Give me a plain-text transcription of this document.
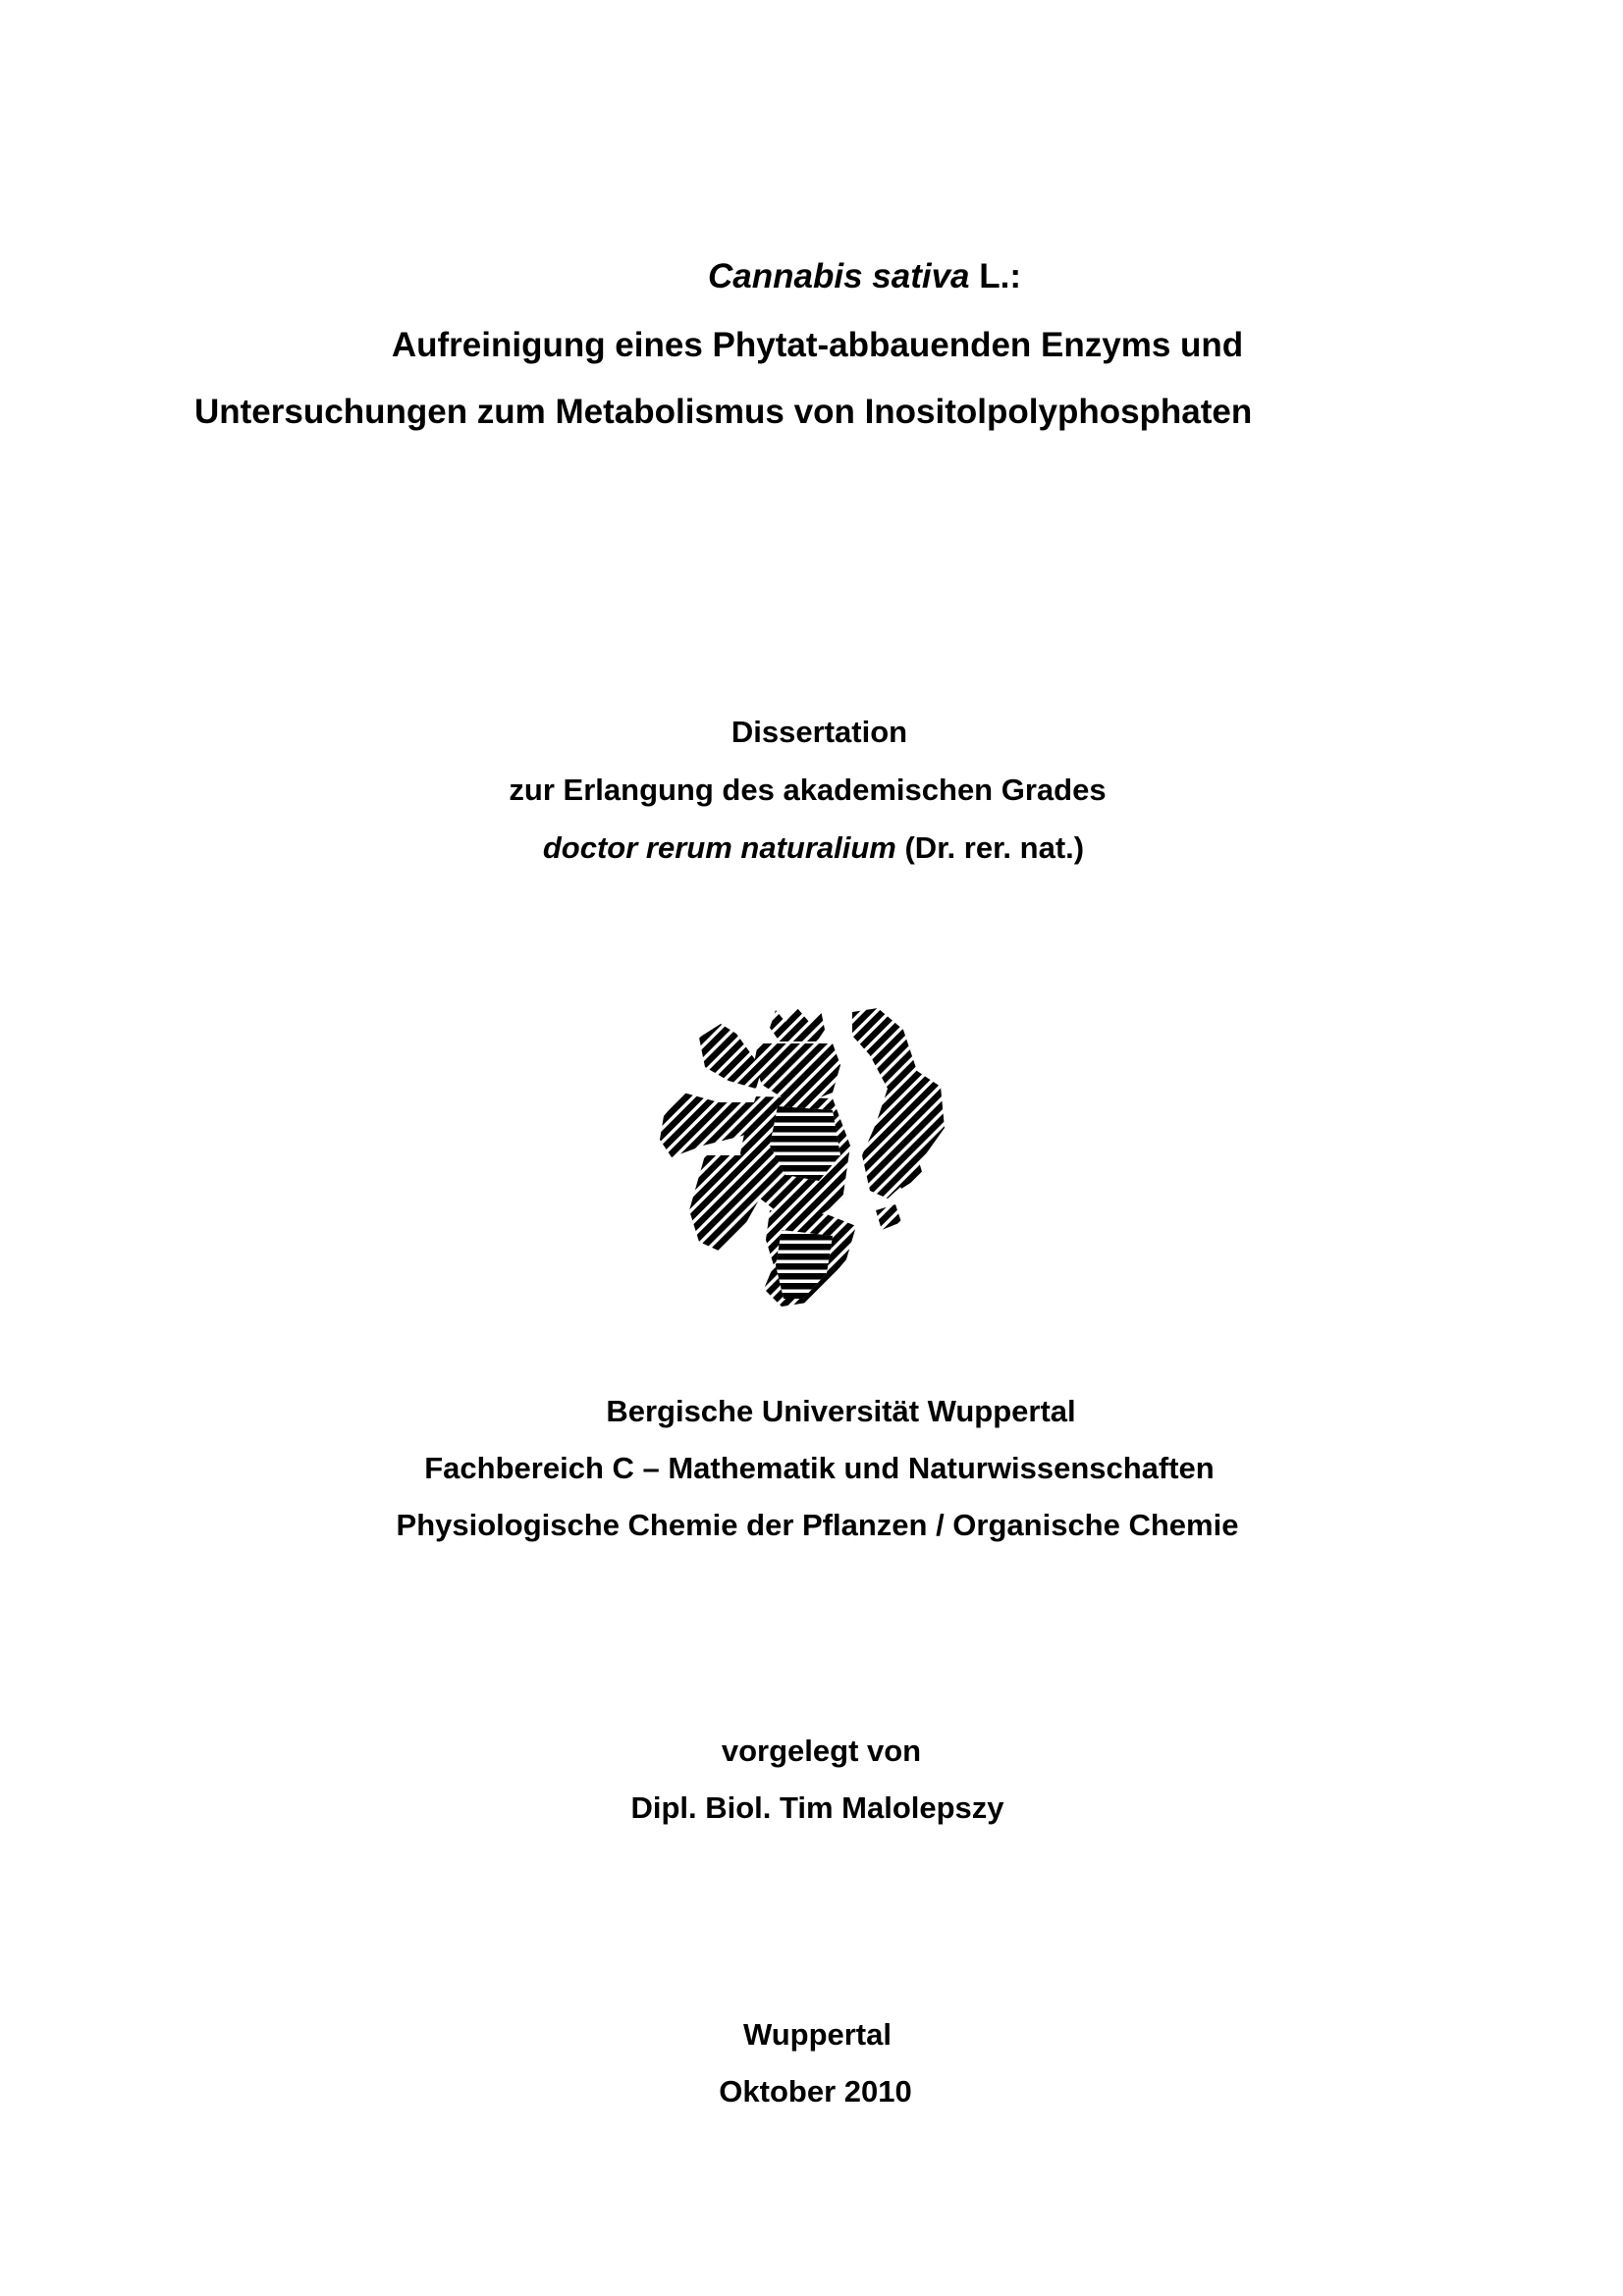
Cannabis sativa L.:
Aufreinigung eines Phytat-abbauenden Enzyms und
Untersuchungen zum Metabolismus von Inositolpolyphosphaten
Dissertation
zur Erlangung des akademischen Grades
doctor rerum naturalium (Dr. rer. nat.)
Bergische Universität Wuppertal
Fachbereich C – Mathematik und Naturwissenschaften
Physiologische Chemie der Pflanzen / Organische Chemie
vorgelegt von
Dipl. Biol. Tim Malolepszy
Wuppertal
Oktober 2010
